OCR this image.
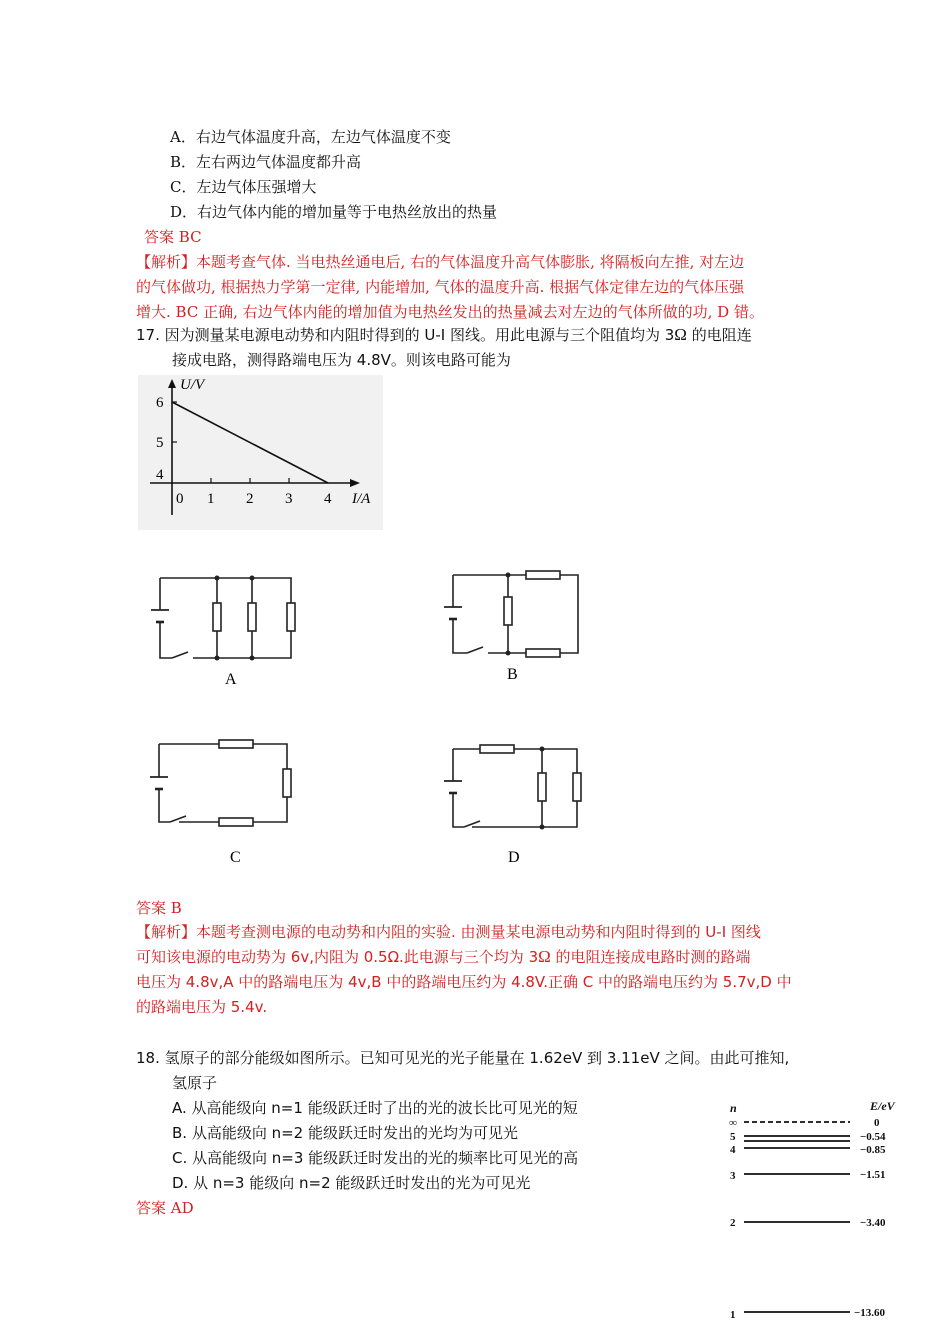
A．右边气体温度升高，左边气体温度不变
B．左右两边气体温度都升高
C．左边气体压强增大
D．右边气体内能的增加量等于电热丝放出的热量
答案 BC
【解析】本题考查气体. 当电热丝通电后, 右的气体温度升高气体膨胀, 将隔板向左推, 对左边
的气体做功, 根据热力学第一定律, 内能增加, 气体的温度升高. 根据气体定律左边的气体压强
增大. BC 正确, 右边气体内能的增加值为电热丝发出的热量减去对左边的气体所做的功, D 错。
17. 因为测量某电源电动势和内阻时得到的 U-I 图线。用此电源与三个阻值均为 3Ω 的电阻连
接成电路，测得路端电压为 4.8V。则该电路可能为
U/V
6
5
4
0 1 2 3 4 I/A
A	B
C	D
答案 B
【解析】本题考查测电源的电动势和内阻的实验. 由测量某电源电动势和内阻时得到的 U-I 图线
可知该电源的电动势为 6v,内阻为 0.5Ω.此电源与三个均为 3Ω 的电阻连接成电路时测的路端
电压为 4.8v,A 中的路端电压为 4v,B 中的路端电压约为 4.8V.正确 C 中的路端电压约为 5.7v,D 中
的路端电压为 5.4v.
18. 氢原子的部分能级如图所示。已知可见光的光子能量在 1.62eV 到 3.11eV 之间。由此可推知,
氢原子
A. 从高能级向 n=1 能级跃迁时了出的光的波长比可见光的短
B. 从高能级向 n=2 能级跃迁时发出的光均为可见光
C. 从高能级向 n=3 能级跃迁时发出的光的频率比可见光的高
D. 从 n=3 能级向 n=2 能级跃迁时发出的光为可见光
答案 AD
n	E/eV
∞	0
5	−0.54
4	−0.85
3	−1.51
2	−3.40
1	−13.60
